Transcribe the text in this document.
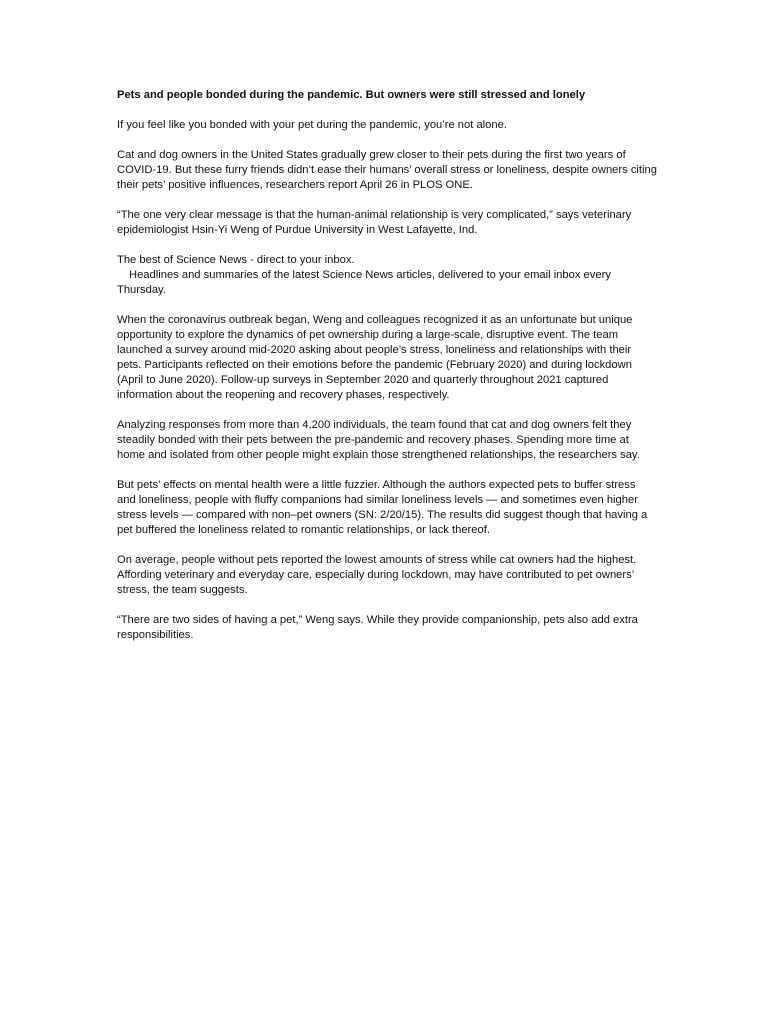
Pets and people bonded during the pandemic. But owners were still stressed and lonely

If you feel like you bonded with your pet during the pandemic, you’re not alone.

Cat and dog owners in the United States gradually grew closer to their pets during the first two years of COVID-19. But these furry friends didn’t ease their humans’ overall stress or loneliness, despite owners citing their pets’ positive influences, researchers report April 26 in PLOS ONE.

“The one very clear message is that the human-animal relationship is very complicated,” says veterinary epidemiologist Hsin-Yi Weng of Purdue University in West Lafayette, Ind.

The best of Science News - direct to your inbox.

Headlines and summaries of the latest Science News articles, delivered to your email inbox every Thursday.

When the coronavirus outbreak began, Weng and colleagues recognized it as an unfortunate but unique opportunity to explore the dynamics of pet ownership during a large-scale, disruptive event. The team launched a survey around mid-2020 asking about people’s stress, loneliness and relationships with their pets. Participants reflected on their emotions before the pandemic (February 2020) and during lockdown (April to June 2020). Follow-up surveys in September 2020 and quarterly throughout 2021 captured information about the reopening and recovery phases, respectively.

Analyzing responses from more than 4,200 individuals, the team found that cat and dog owners felt they steadily bonded with their pets between the pre-pandemic and recovery phases. Spending more time at home and isolated from other people might explain those strengthened relationships, the researchers say.

But pets’ effects on mental health were a little fuzzier. Although the authors expected pets to buffer stress and loneliness, people with fluffy companions had similar loneliness levels — and sometimes even higher stress levels — compared with non–pet owners (SN: 2/20/15). The results did suggest though that having a pet buffered the loneliness related to romantic relationships, or lack thereof.

On average, people without pets reported the lowest amounts of stress while cat owners had the highest. Affording veterinary and everyday care, especially during lockdown, may have contributed to pet owners’ stress, the team suggests.

“There are two sides of having a pet,” Weng says. While they provide companionship, pets also add extra responsibilities.
